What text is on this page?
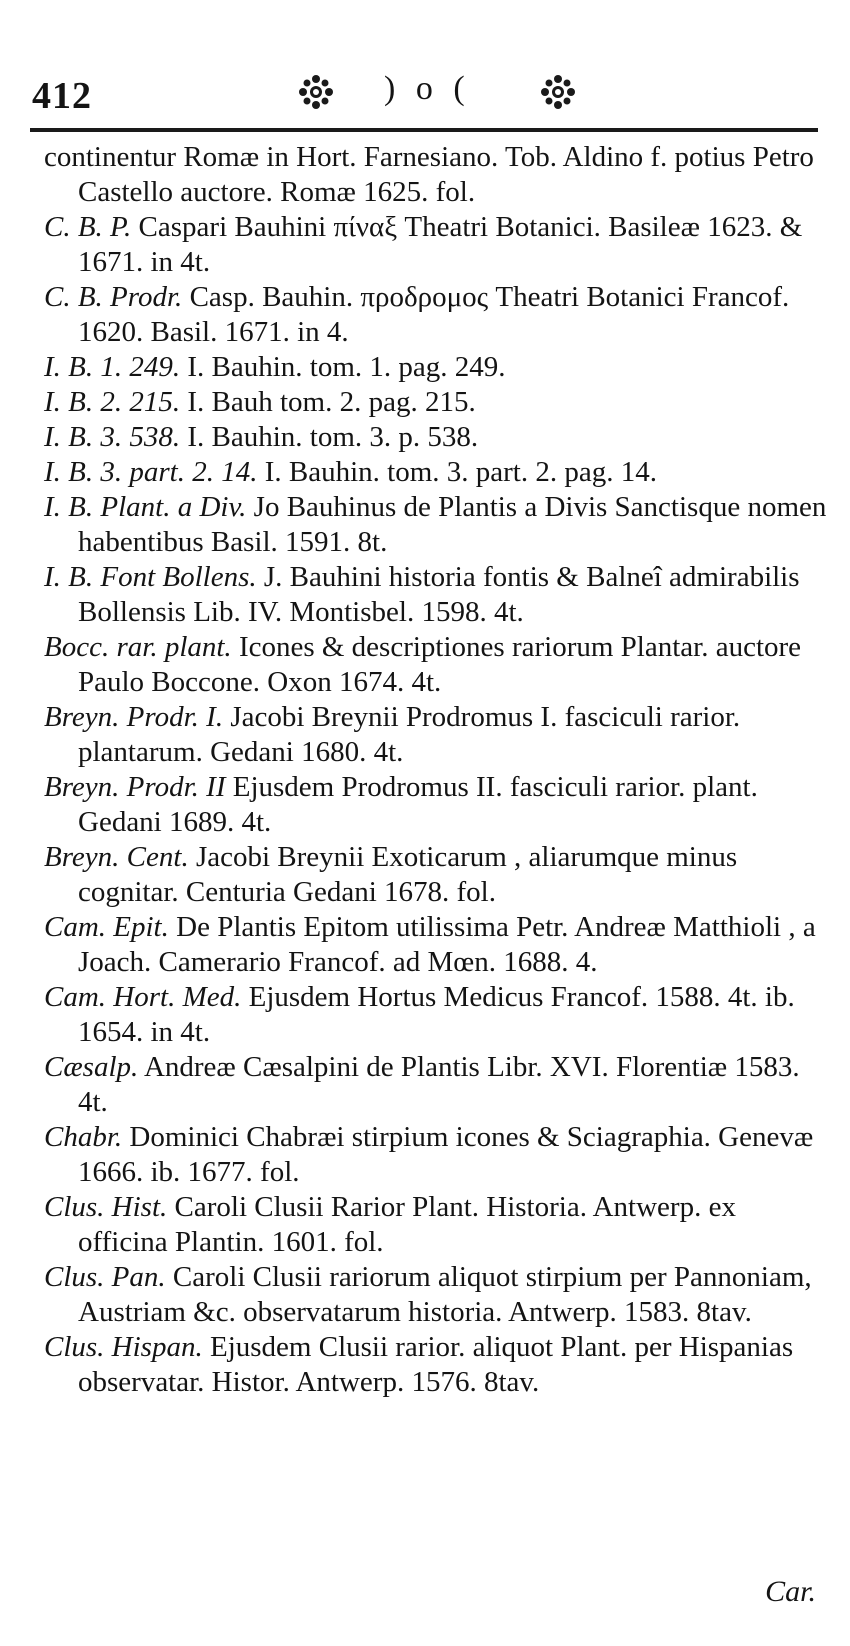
412	) o (
continentur Romæ in Hort. Farnesiano. Tob. Aldino f. potius Petro Castello auctore. Romæ 1625. fol.
C. B. P. Caspari Bauhini πίναξ Theatri Botanici. Basileæ 1623. & 1671. in 4t.
C. B. Prodr. Casp. Bauhin. προδρομος Theatri Botanici Francof. 1620. Basil. 1671. in 4.
I. B. 1. 249. I. Bauhin. tom. 1. pag. 249.
I. B. 2. 215. I. Bauh tom. 2. pag. 215.
I. B. 3. 538. I. Bauhin. tom. 3. p. 538.
I. B. 3. part. 2. 14. I. Bauhin. tom. 3. part. 2. pag. 14.
I. B. Plant. a Div. Jo Bauhinus de Plantis a Divis Sanctisque nomen habentibus Basil. 1591. 8t.
I. B. Font Bollens. J. Bauhini historia fontis & Balneî admirabilis Bollensis Lib. IV. Montisbel. 1598. 4t.
Bocc. rar. plant. Icones & descriptiones rariorum Plantar. auctore Paulo Boccone. Oxon 1674. 4t.
Breyn. Prodr. I. Jacobi Breynii Prodromus I. fasciculi rarior. plantarum. Gedani 1680. 4t.
Breyn. Prodr. II Ejusdem Prodromus II. fasciculi rarior. plant. Gedani 1689. 4t.
Breyn. Cent. Jacobi Breynii Exoticarum , aliarumque minus cognitar. Centuria Gedani 1678. fol.
Cam. Epit. De Plantis Epitom utilissima Petr. Andreæ Matthioli , a Joach. Camerario Francof. ad Mœn. 1688. 4.
Cam. Hort. Med. Ejusdem Hortus Medicus Francof. 1588. 4t. ib. 1654. in 4t.
Cæsalp. Andreæ Cæsalpini de Plantis Libr. XVI. Florentiæ 1583. 4t.
Chabr. Dominici Chabræi stirpium icones & Sciagraphia. Genevæ 1666. ib. 1677. fol.
Clus. Hist. Caroli Clusii Rarior Plant. Historia. Antwerp. ex officina Plantin. 1601. fol.
Clus. Pan. Caroli Clusii rariorum aliquot stirpium per Pannoniam, Austriam &c. observatarum historia. Antwerp. 1583. 8tav.
Clus. Hispan. Ejusdem Clusii rarior. aliquot Plant. per Hispanias observatar. Histor. Antwerp. 1576. 8tav.
Car.
